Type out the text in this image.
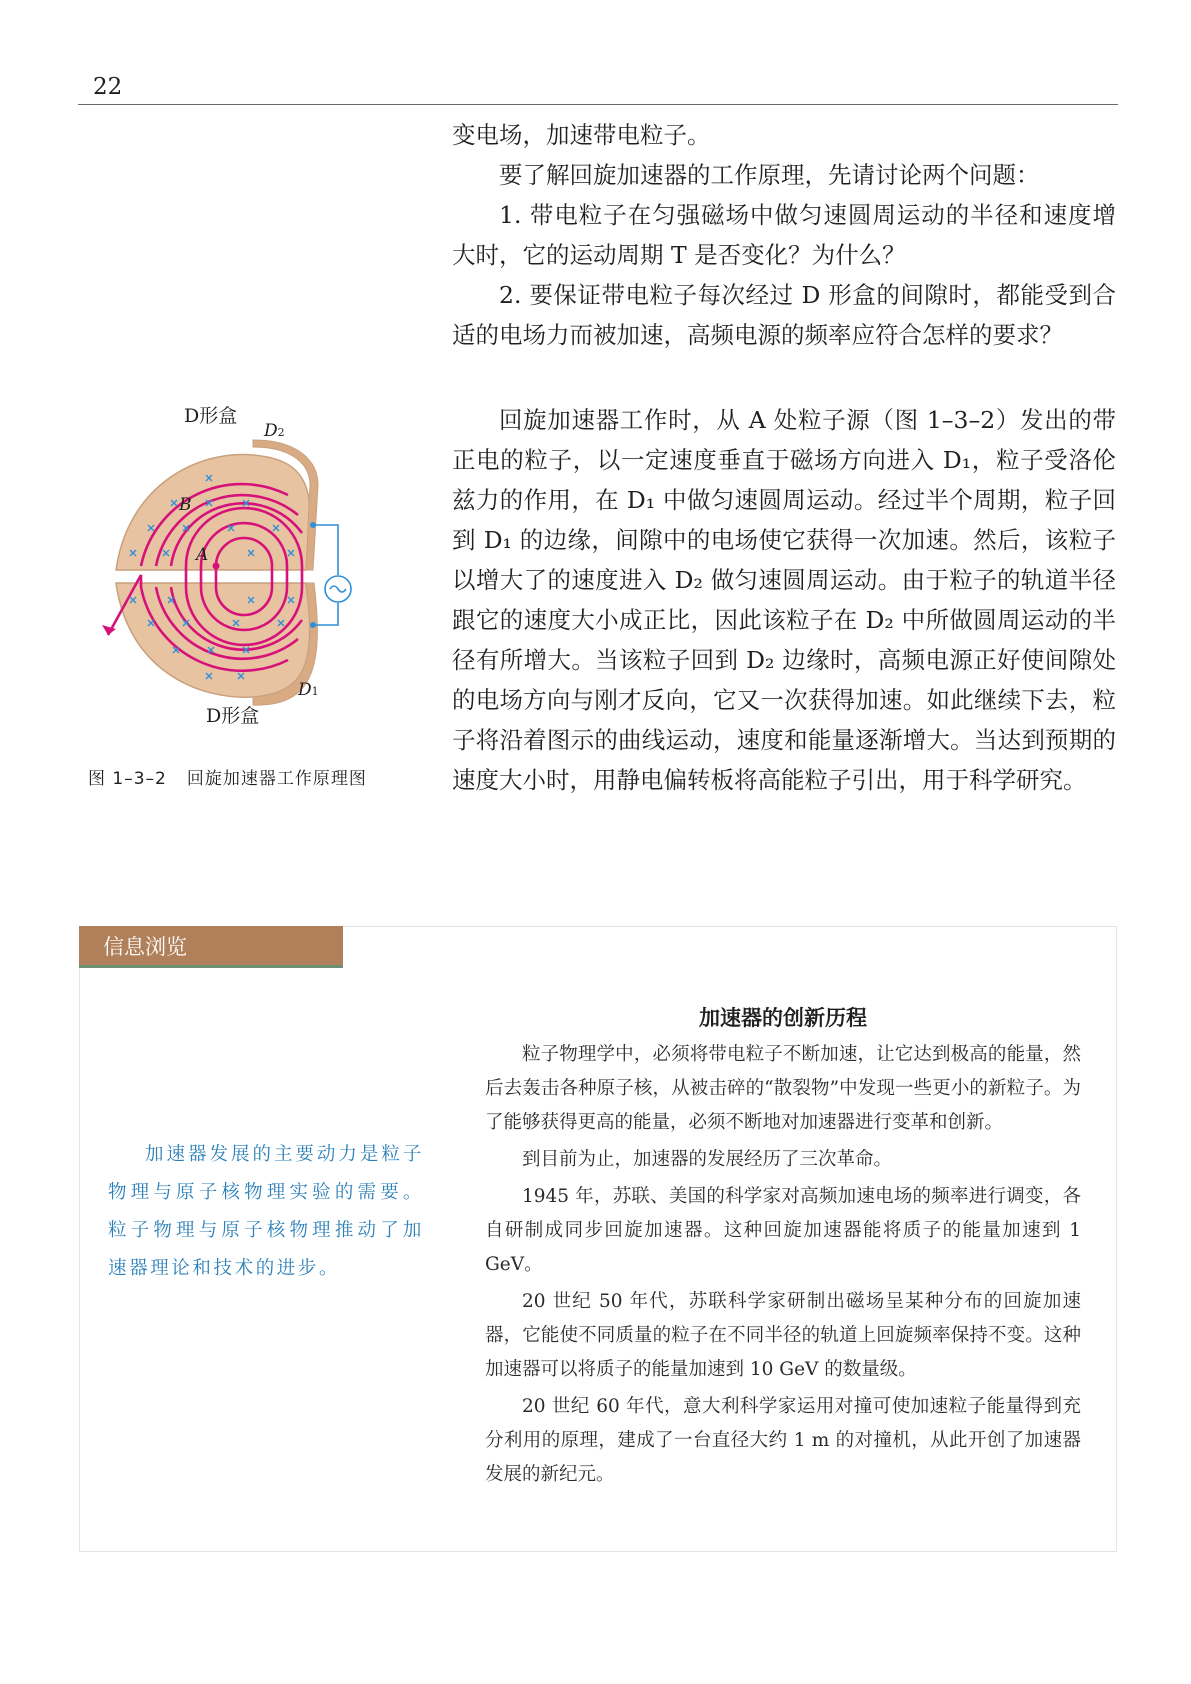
22

变电场，加速带电粒子。

要了解回旋加速器的工作原理，先请讨论两个问题：

1. 带电粒子在匀强磁场中做匀速圆周运动的半径和速度增大时，它的运动周期 T 是否变化？为什么？

2. 要保证带电粒子每次经过 D 形盒的间隙时，都能受到合适的电场力而被加速，高频电源的频率应符合怎样的要求？

回旋加速器工作时，从 A 处粒子源（图 1–3–2）发出的带正电的粒子，以一定速度垂直于磁场方向进入 D₁，粒子受洛伦兹力的作用，在 D₁ 中做匀速圆周运动。经过半个周期，粒子回到 D₁ 的边缘，间隙中的电场使它获得一次加速。然后，该粒子以增大了的速度进入 D₂ 做匀速圆周运动。由于粒子的轨道半径跟它的速度大小成正比，因此该粒子在 D₂ 中所做圆周运动的半径有所增大。当该粒子回到 D₂ 边缘时，高频电源正好使间隙处的电场方向与刚才反向，它又一次获得加速。如此继续下去，粒子将沿着图示的曲线运动，速度和能量逐渐增大。当达到预期的速度大小时，用静电偏转板将高能粒子引出，用于科学研究。

D形盒
D2
B
A
D1
D形盒
图 1–3–2 回旋加速器工作原理图
信息浏览

加速器发展的主要动力是粒子物理与原子核物理实验的需要。粒子物理与原子核物理推动了加速器理论和技术的进步。

加速器的创新历程

粒子物理学中，必须将带电粒子不断加速，让它达到极高的能量，然后去轰击各种原子核，从被击碎的“散裂物”中发现一些更小的新粒子。为了能够获得更高的能量，必须不断地对加速器进行变革和创新。

到目前为止，加速器的发展经历了三次革命。

1945 年，苏联、美国的科学家对高频加速电场的频率进行调变，各自研制成同步回旋加速器。这种回旋加速器能将质子的能量加速到 1 GeV。

20 世纪 50 年代，苏联科学家研制出磁场呈某种分布的回旋加速器，它能使不同质量的粒子在不同半径的轨道上回旋频率保持不变。这种加速器可以将质子的能量加速到 10 GeV 的数量级。

20 世纪 60 年代，意大利科学家运用对撞可使加速粒子能量得到充分利用的原理，建成了一台直径大约 1 m 的对撞机，从此开创了加速器发展的新纪元。
